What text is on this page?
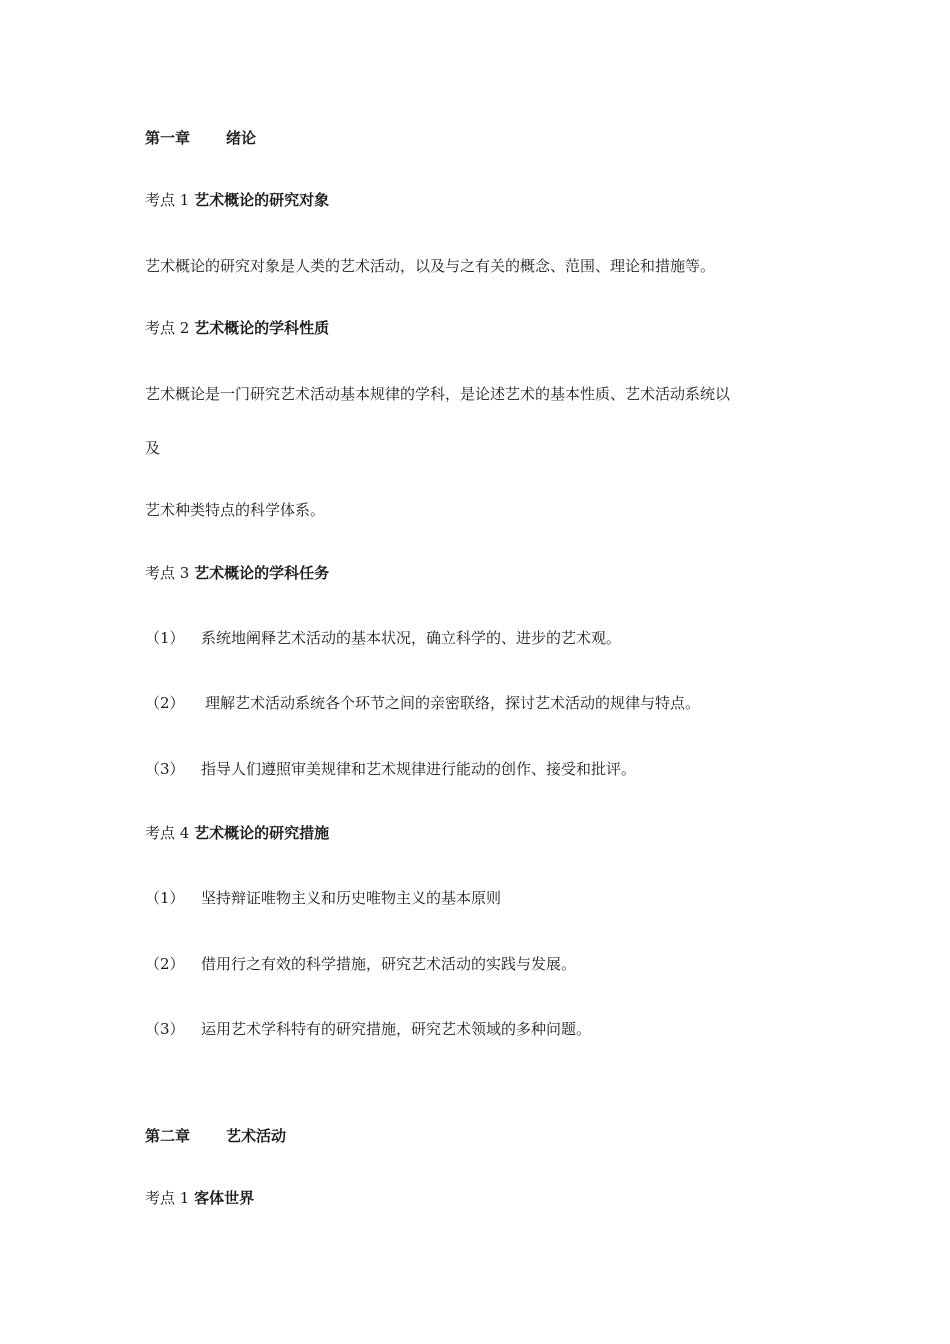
第一章 绪论
考点 1 艺术概论的研究对象
艺术概论的研究对象是人类的艺术活动，以及与之有关的概念、范围、理论和措施等。
考点 2 艺术概论的学科性质
艺术概论是一门研究艺术活动基本规律的学科，是论述艺术的基本性质、艺术活动系统以
及
艺术种类特点的科学体系。
考点 3 艺术概论的学科任务
（1） 系统地阐释艺术活动的基本状况，确立科学的、进步的艺术观。
（2） 理解艺术活动系统各个环节之间的亲密联络，探讨艺术活动的规律与特点。
（3） 指导人们遵照审美规律和艺术规律进行能动的创作、接受和批评。
考点 4 艺术概论的研究措施
（1） 坚持辩证唯物主义和历史唯物主义的基本原则
（2） 借用行之有效的科学措施，研究艺术活动的实践与发展。
（3） 运用艺术学科特有的研究措施，研究艺术领域的多种问题。
第二章 艺术活动
考点 1 客体世界
